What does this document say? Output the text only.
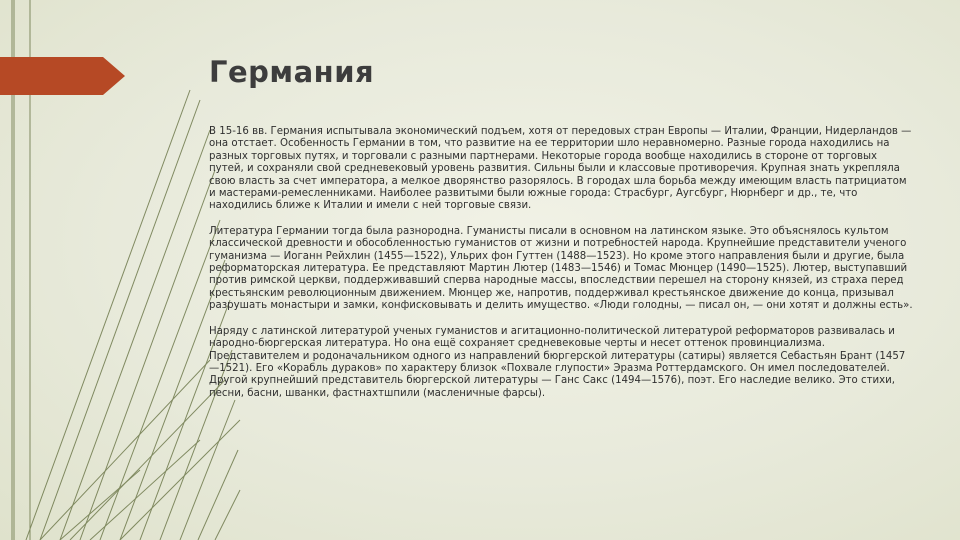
Германия

В 15-16 вв. Германия испытывала экономический подъем, хотя от передовых стран Европы — Италии, Франции, Нидерландов — она отстает. Особенность Германии в том, что развитие на ее территории шло неравномерно. Разные города находились на разных торговых путях, и торговали с разными партнерами. Некоторые города вообще находились в стороне от торговых путей, и сохраняли свой средневековый уровень развития. Сильны были и классовые противоречия. Крупная знать укрепляла свою власть за счет императора, а мелкое дворянство разорялось. В городах шла борьба между имеющим власть патрициатом и мастерами-ремесленниками. Наиболее развитыми были южные города: Страсбург, Аугсбург, Нюрнберг и др., те, что находились ближе к Италии и имели с ней торговые связи.

Литература Германии тогда была разнородна. Гуманисты писали в основном на латинском языке. Это объяснялось культом классической древности и обособленностью гуманистов от жизни и потребностей народа. Крупнейшие представители ученого гуманизма — Иоганн Рейхлин (1455—1522), Ульрих фон Гуттен (1488—1523). Но кроме этого направления были и другие, была реформаторская литература. Ее представляют Мартин Лютер (1483—1546) и Томас Мюнцер (1490—1525). Лютер, выступавший против римской церкви, поддерживавший сперва народные массы, впоследствии перешел на сторону князей, из страха перед крестьянским революционным движением. Мюнцер же, напротив, поддерживал крестьянское движение до конца, призывал разрушать монастыри и замки, конфисковывать и делить имущество. «Люди голодны, — писал он, — они хотят и должны есть».

Наряду с латинской литературой ученых гуманистов и агитационно-политической литературой реформаторов развивалась и народно-бюргерская литература. Но она ещё сохраняет средневековые черты и несет оттенок провинциализма. Представителем и родоначальником одного из направлений бюргерской литературы (сатиры) является Себастьян Брант (1457—1521). Его «Корабль дураков» по характеру близок «Похвале глупости» Эразма Роттердамского. Он имел последователей. Другой крупнейший представитель бюргерской литературы — Ганс Сакс (1494—1576), поэт. Его наследие велико. Это стихи, песни, басни, шванки, фастнахтшпили (масленичные фарсы).
